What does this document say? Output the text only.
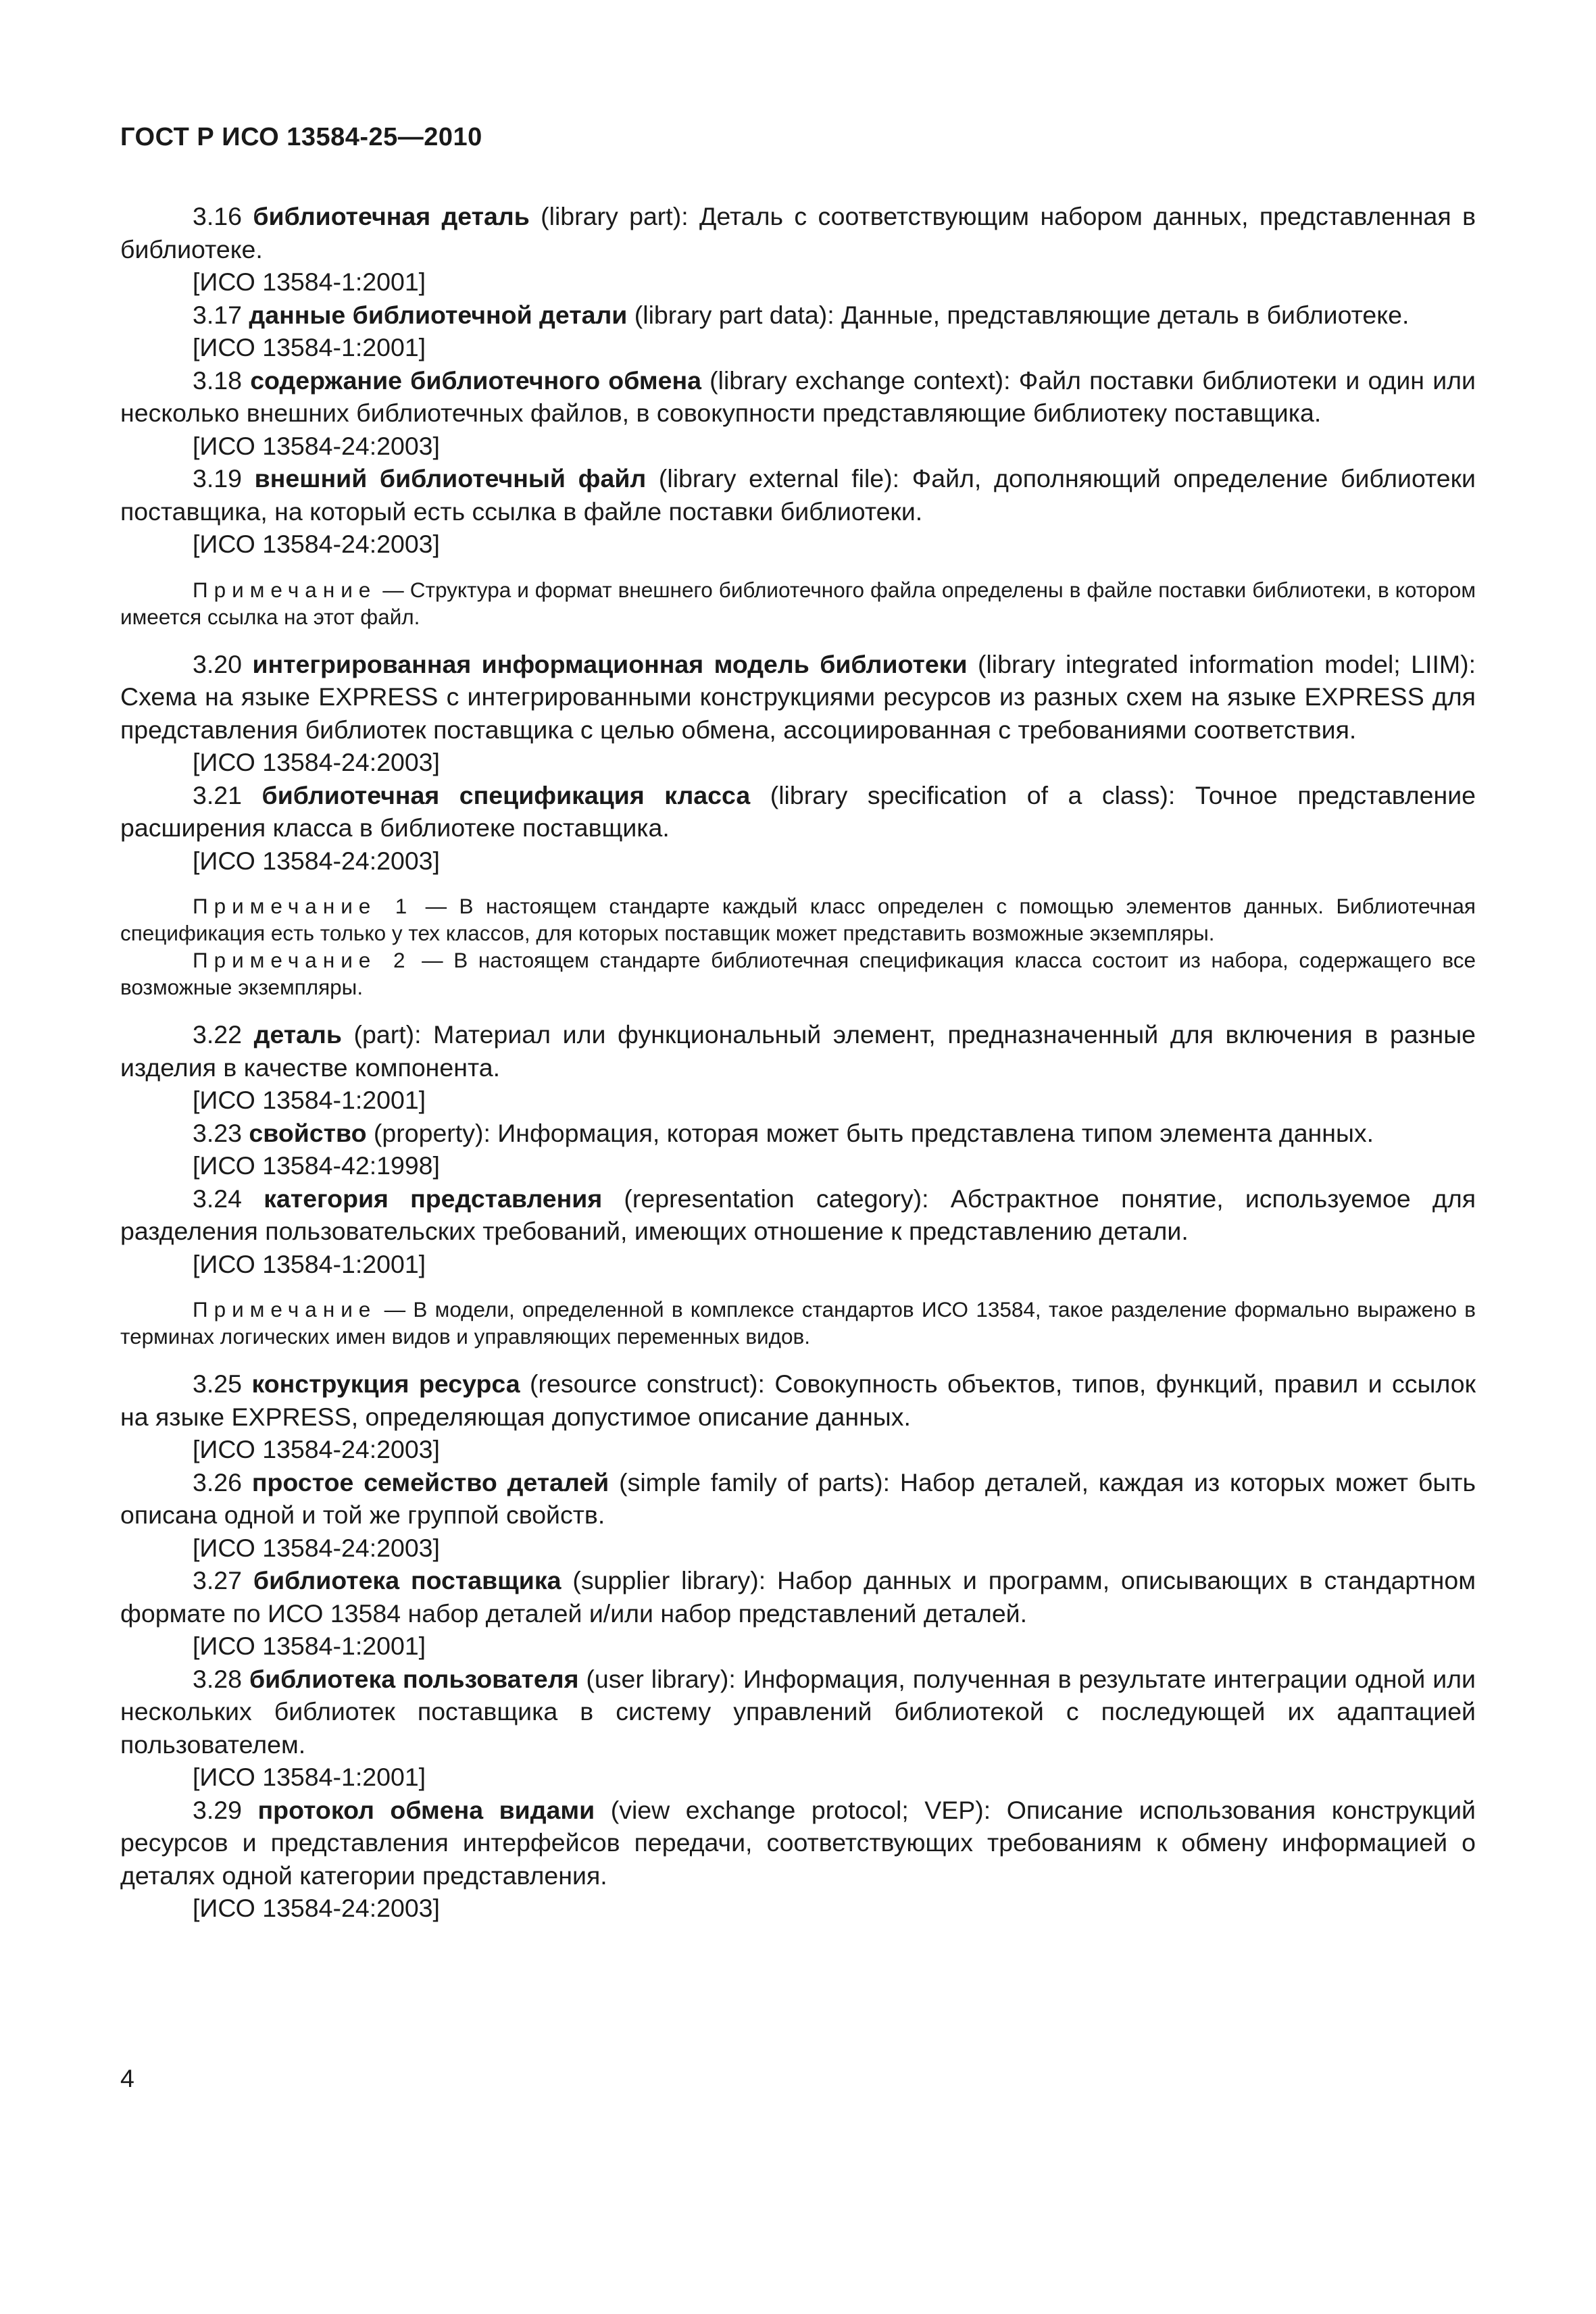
ГОСТ Р ИСО 13584-25—2010

3.16 библиотечная деталь (library part): Деталь с соответствующим набором данных, представленная в библиотеке.

[ИСО 13584-1:2001]

3.17 данные библиотечной детали (library part data): Данные, представляющие деталь в библиотеке.

[ИСО 13584-1:2001]

3.18 содержание библиотечного обмена (library exchange context): Файл поставки библиотеки и один или несколько внешних библиотечных файлов, в совокупности представляющие библиотеку поставщика.

[ИСО 13584-24:2003]

3.19 внешний библиотечный файл (library external file): Файл, дополняющий определение библиотеки поставщика, на который есть ссылка в файле поставки библиотеки.

[ИСО 13584-24:2003]

Примечание — Структура и формат внешнего библиотечного файла определены в файле поставки библиотеки, в котором имеется ссылка на этот файл.

3.20 интегрированная информационная модель библиотеки (library integrated information model; LIIM): Схема на языке EXPRESS с интегрированными конструкциями ресурсов из разных схем на языке EXPRESS для представления библиотек поставщика с целью обмена, ассоциированная с требованиями соответствия.

[ИСО 13584-24:2003]

3.21 библиотечная спецификация класса (library specification of a class): Точное представление расширения класса в библиотеке поставщика.

[ИСО 13584-24:2003]

Примечание 1 — В настоящем стандарте каждый класс определен с помощью элементов данных. Библиотечная спецификация есть только у тех классов, для которых поставщик может представить возможные экземпляры.

Примечание 2 — В настоящем стандарте библиотечная спецификация класса состоит из набора, содержащего все возможные экземпляры.

3.22 деталь (part): Материал или функциональный элемент, предназначенный для включения в разные изделия в качестве компонента.

[ИСО 13584-1:2001]

3.23 свойство (property): Информация, которая может быть представлена типом элемента данных.

[ИСО 13584-42:1998]

3.24 категория представления (representation category): Абстрактное понятие, используемое для разделения пользовательских требований, имеющих отношение к представлению детали.

[ИСО 13584-1:2001]

Примечание — В модели, определенной в комплексе стандартов ИСО 13584, такое разделение формально выражено в терминах логических имен видов и управляющих переменных видов.

3.25 конструкция ресурса (resource construct): Совокупность объектов, типов, функций, правил и ссылок на языке EXPRESS, определяющая допустимое описание данных.

[ИСО 13584-24:2003]

3.26 простое семейство деталей (simple family of parts): Набор деталей, каждая из которых может быть описана одной и той же группой свойств.

[ИСО 13584-24:2003]

3.27 библиотека поставщика (supplier library): Набор данных и программ, описывающих в стандартном формате по ИСО 13584 набор деталей и/или набор представлений деталей.

[ИСО 13584-1:2001]

3.28 библиотека пользователя (user library): Информация, полученная в результате интеграции одной или нескольких библиотек поставщика в систему управлений библиотекой с последующей их адаптацией пользователем.

[ИСО 13584-1:2001]

3.29 протокол обмена видами (view exchange protocol; VEP): Описание использования конструкций ресурсов и представления интерфейсов передачи, соответствующих требованиям к обмену информацией о деталях одной категории представления.

[ИСО 13584-24:2003]

4
